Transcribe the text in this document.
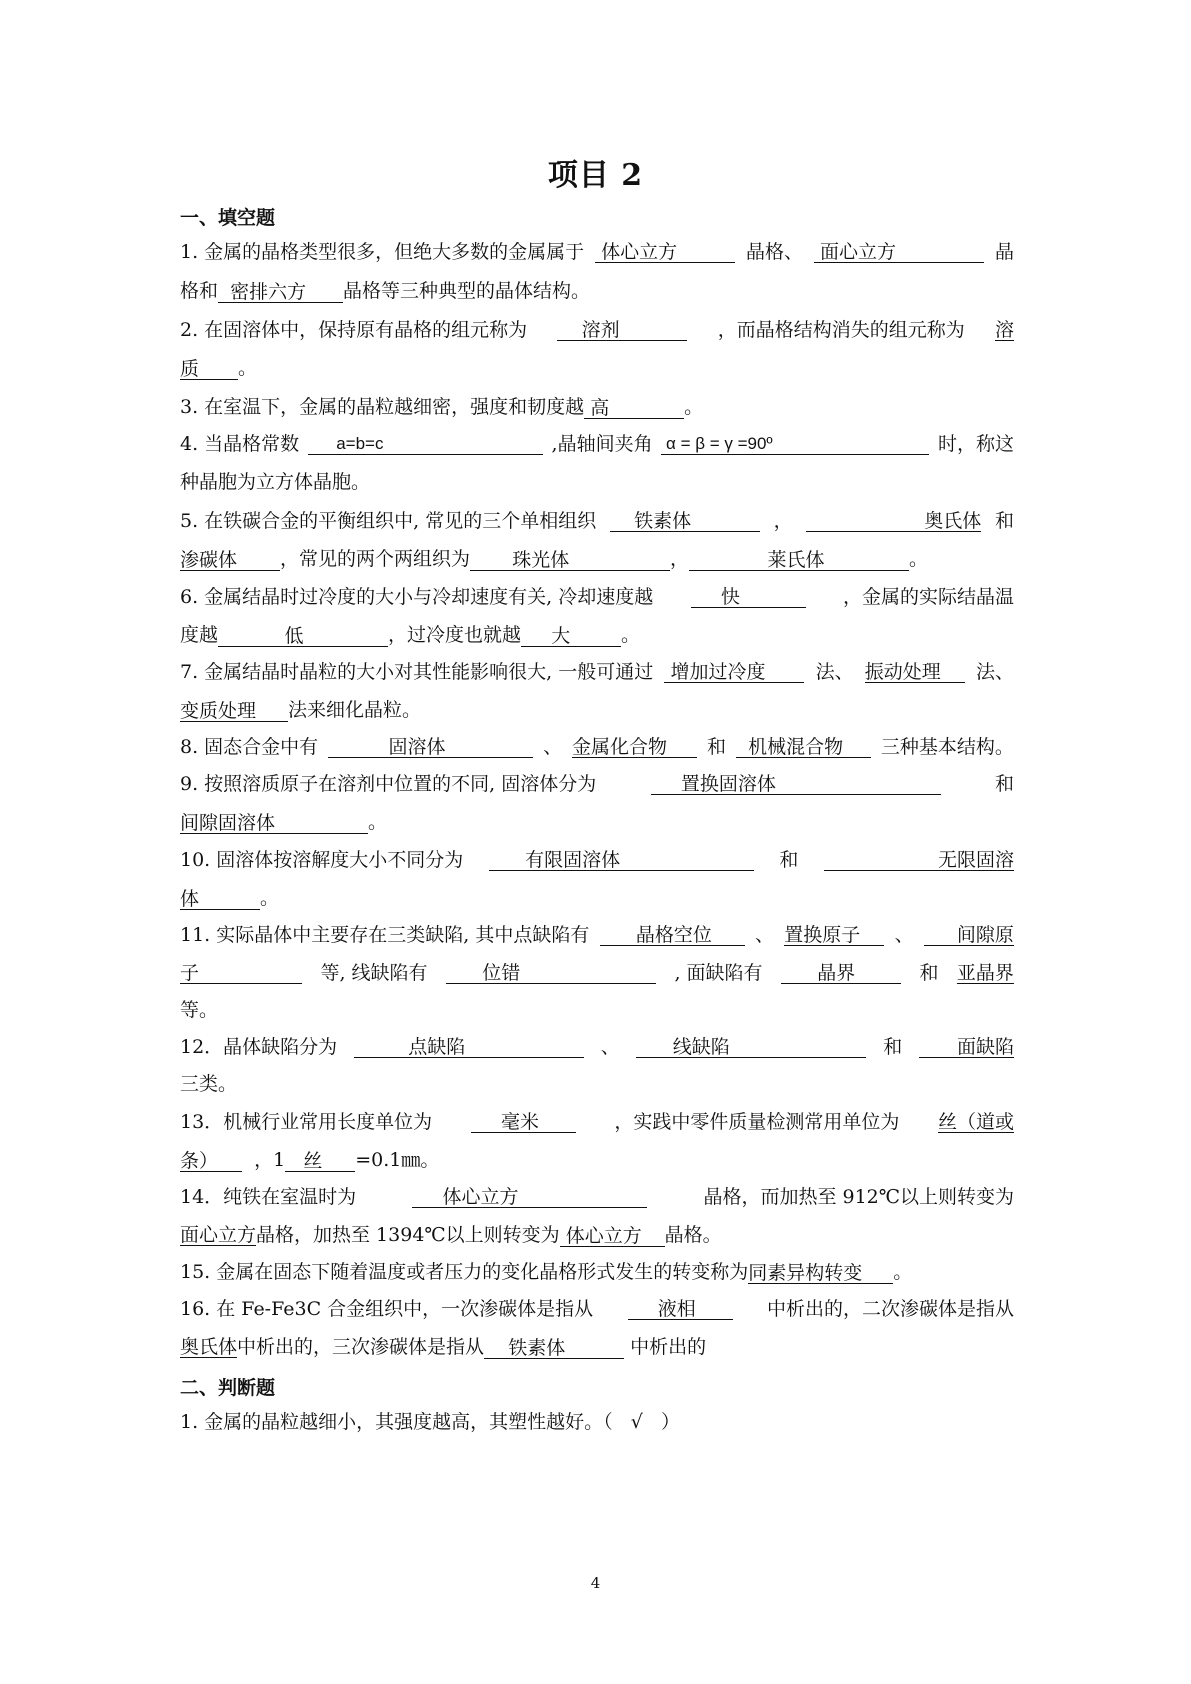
项目 2
一、填空题
1. 金属的晶格类型很多，但绝大多数的金属属于 体心立方	晶格、 面心立方	晶
格和 密排六方 晶格等三种典型的晶体结构。
2. 在固溶体中，保持原有晶格的组元称为	溶剂	，而晶格结构消失的组元称为 溶
质 。
3. 在室温下，金属的晶粒越细密，强度和韧度越 高	。
4. 当晶格常数	a=b=c	,晶轴间夹角 α = β = γ =90º	时，称这
种晶胞为立方体晶胞。
5. 在铁碳合金的平衡组织中, 常见的三个单相组织	铁素体	，	奥氏体 和
渗碳体 ，常见的两个两组织为 珠光体	，	莱氏体	。
6. 金属结晶时过冷度的大小与冷却速度有关, 冷却速度越	快	，金属的实际结晶温
度越	低	，过冷度也就越 大	。
7. 金属结晶时晶粒的大小对其性能影响很大, 一般可通过 增加过冷度	法、 振动处理	法、
变质处理 法来细化晶粒。
8. 固态合金中有	固溶体	、 金属化合物	和	机械混合物	三种基本结构。
9. 按照溶质原子在溶剂中位置的不同, 固溶体分为	置换固溶体	和
间隙固溶体	。
10. 固溶体按溶解度大小不同分为	有限固溶体	和	无限固溶
体	。
11. 实际晶体中主要存在三类缺陷, 其中点缺陷有	晶格空位	、 置换原子	、	间隙原
子	等, 线缺陷有	位错	, 面缺陷有	晶界	和 亚晶界
等。
12．晶体缺陷分为	点缺陷	、	线缺陷	和	面缺陷
三类。
13．机械行业常用长度单位为	毫米	，实践中零件质量检测常用单位为 丝（道或
条） ，1 丝 =0.1㎜。
14．纯铁在室温时为	体心立方	晶格，而加热至 912℃以上则转变为
面心立方晶格，加热至 1394℃以上则转变为 体心立方 晶格。
15. 金属在固态下随着温度或者压力的变化晶格形式发生的转变称为同素异构转变 。
16. 在 Fe-Fe3C 合金组织中，一次渗碳体是指从	液相	中析出的，二次渗碳体是指从
奥氏体中析出的，三次渗碳体是指从 铁素体	中析出的
二、判断题
1. 金属的晶粒越细小，其强度越高，其塑性越好。（ √ ）
4
